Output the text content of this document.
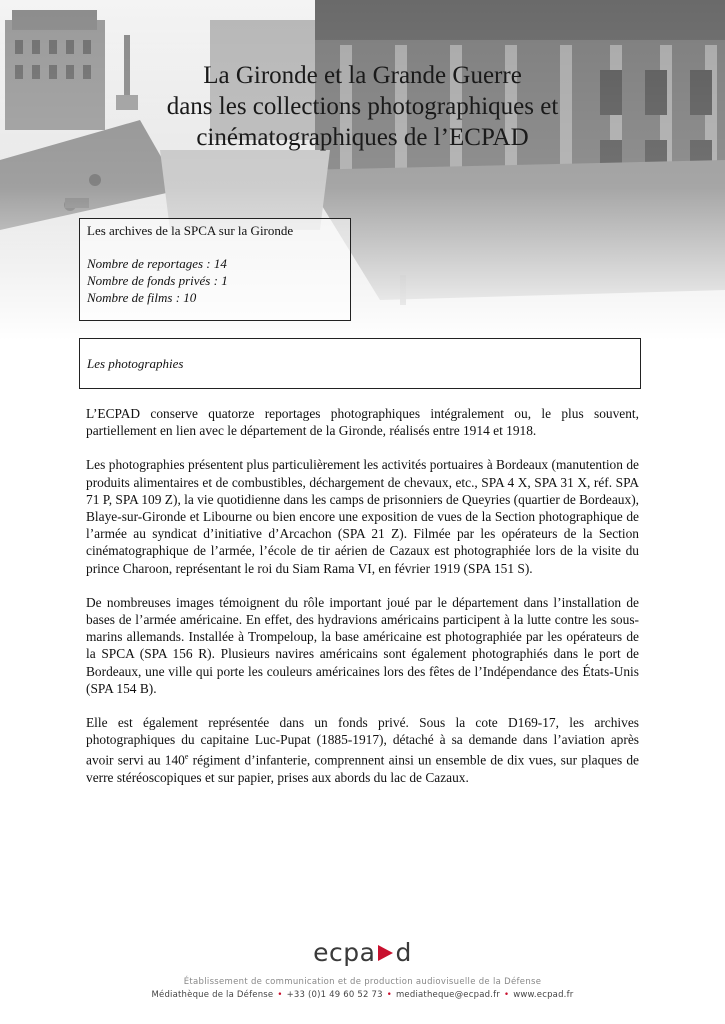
La Gironde et la Grande Guerre
dans les collections photographiques et
cinématographiques de l’ECPAD
Les archives de la SPCA sur la Gironde
Nombre de reportages : 14
Nombre de fonds privés : 1
Nombre de films : 10
Les photographies

L’ECPAD conserve quatorze reportages photographiques intégralement ou, le plus souvent, partiellement en lien avec le département de la Gironde, réalisés entre 1914 et 1918.

Les photographies présentent plus particulièrement les activités portuaires à Bordeaux (manutention de produits alimentaires et de combustibles, déchargement de chevaux, etc., SPA 4 X, SPA 31 X, réf. SPA 71 P, SPA 109 Z), la vie quotidienne dans les camps de prisonniers de Queyries (quartier de Bordeaux), Blaye-sur-Gironde et Libourne ou bien encore une exposition de vues de la Section photographique de l’armée au syndicat d’initiative d’Arcachon (SPA 21 Z). Filmée par les opérateurs de la Section cinématographique de l’armée, l’école de tir aérien de Cazaux est photographiée lors de la visite du prince Charoon, représentant le roi du Siam Rama VI, en février 1919 (SPA 151 S).

De nombreuses images témoignent du rôle important joué par le département dans l’installation de bases de l’armée américaine. En effet, des hydravions américains participent à la lutte contre les sous-marins allemands. Installée à Trompeloup, la base américaine est photographiée par les opérateurs de la SPCA (SPA 156 R). Plusieurs navires américains sont également photographiés dans le port de Bordeaux, une ville qui porte les couleurs américaines lors des fêtes de l’Indépendance des États-Unis (SPA 154 B).

Elle est également représentée dans un fonds privé. Sous la cote D169-17, les archives photographiques du capitaine Luc-Pupat (1885-1917), détaché à sa demande dans l’aviation après avoir servi au 140e régiment d’infanterie, comprennent ainsi un ensemble de dix vues, sur plaques de verre stéréoscopiques et sur papier, prises aux abords du lac de Cazaux.

ecpa d
Établissement de communication et de production audiovisuelle de la Défense
Médiathèque de la Défense • +33 (0)1 49 60 52 73 • mediatheque@ecpad.fr • www.ecpad.fr
